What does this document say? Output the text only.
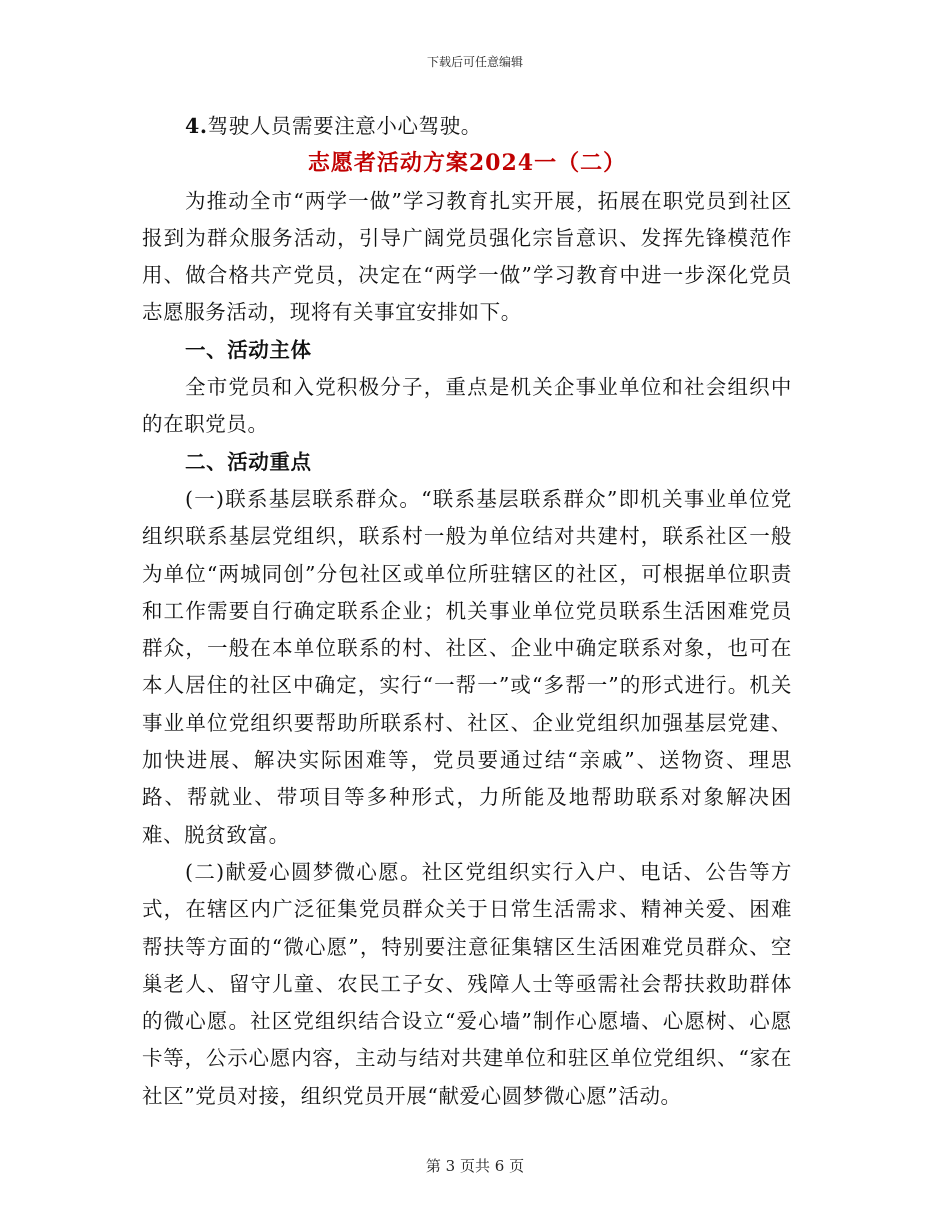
下载后可任意编辑

4.驾驶人员需要注意小心驾驶。

志愿者活动方案2024一（二）

为推动全市“两学一做”学习教育扎实开展，拓展在职党员到社区报到为群众服务活动，引导广阔党员强化宗旨意识、发挥先锋模范作用、做合格共产党员，决定在“两学一做”学习教育中进一步深化党员志愿服务活动，现将有关事宜安排如下。

一、活动主体

全市党员和入党积极分子，重点是机关企事业单位和社会组织中的在职党员。

二、活动重点

(一)联系基层联系群众。“联系基层联系群众”即机关事业单位党组织联系基层党组织，联系村一般为单位结对共建村，联系社区一般为单位“两城同创”分包社区或单位所驻辖区的社区，可根据单位职责和工作需要自行确定联系企业；机关事业单位党员联系生活困难党员群众，一般在本单位联系的村、社区、企业中确定联系对象，也可在本人居住的社区中确定，实行“一帮一”或“多帮一”的形式进行。机关事业单位党组织要帮助所联系村、社区、企业党组织加强基层党建、加快进展、解决实际困难等，党员要通过结“亲戚”、送物资、理思路、帮就业、带项目等多种形式，力所能及地帮助联系对象解决困难、脱贫致富。

(二)献爱心圆梦微心愿。社区党组织实行入户、电话、公告等方式，在辖区内广泛征集党员群众关于日常生活需求、精神关爱、困难帮扶等方面的“微心愿”，特别要注意征集辖区生活困难党员群众、空巢老人、留守儿童、农民工子女、残障人士等亟需社会帮扶救助群体的微心愿。社区党组织结合设立“爱心墙”制作心愿墙、心愿树、心愿卡等，公示心愿内容，主动与结对共建单位和驻区单位党组织、“家在社区”党员对接，组织党员开展“献爱心圆梦微心愿”活动。

第 3 页共 6 页
